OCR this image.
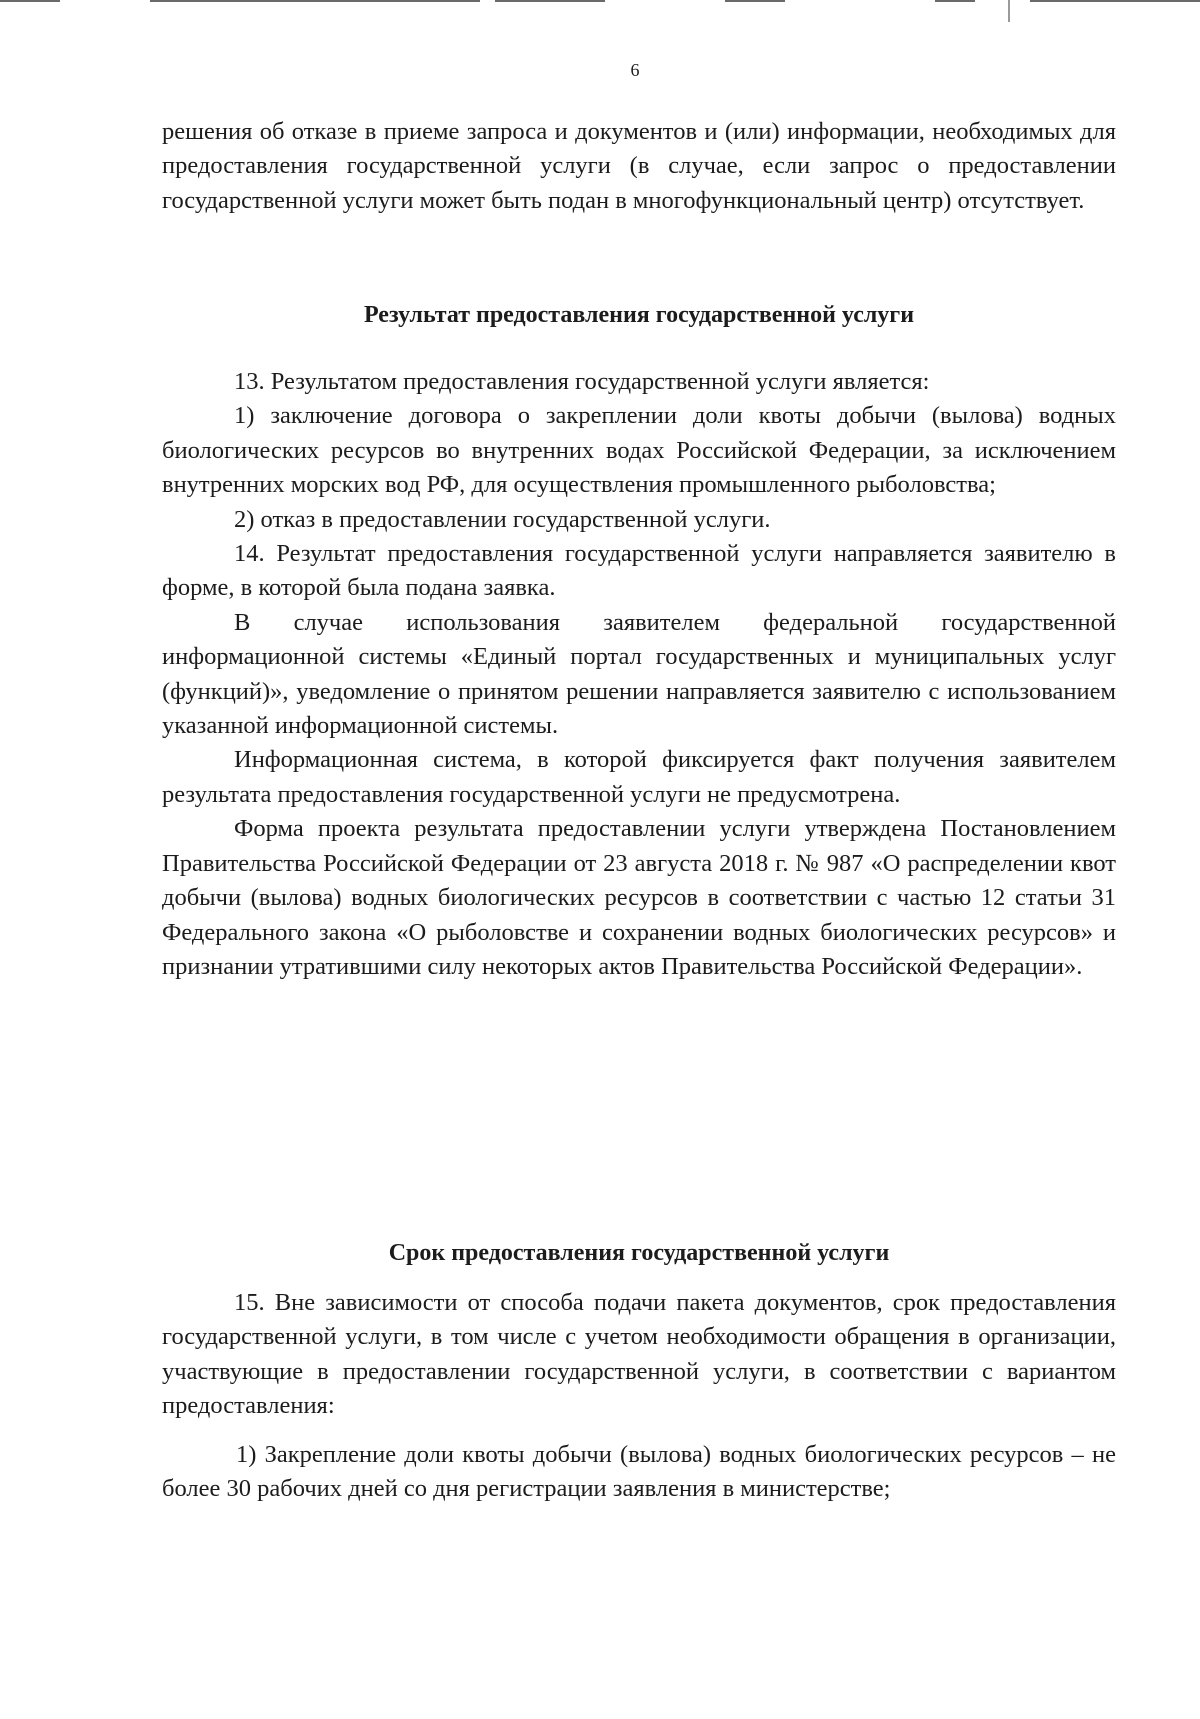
6

решения об отказе в приеме запроса и документов и (или) информации, необходимых для предоставления государственной услуги (в случае, если запрос о предоставлении государственной услуги может быть подан в многофункциональный центр) отсутствует.

Результат предоставления государственной услуги

13. Результатом предоставления государственной услуги является:

1) заключение договора о закреплении доли квоты добычи (вылова) водных биологических ресурсов во внутренних водах Российской Федерации, за исключением внутренних морских вод РФ, для осуществления промышленного рыболовства;

2) отказ в предоставлении государственной услуги.

14. Результат предоставления государственной услуги направляется заявителю в форме, в которой была подана заявка.

В случае использования заявителем федеральной государственной информационной системы «Единый портал государственных и муниципальных услуг (функций)», уведомление о принятом решении направляется заявителю с использованием указанной информационной системы.

Информационная система, в которой фиксируется факт получения заявителем результата предоставления государственной услуги не предусмотрена.

Форма проекта результата предоставлении услуги утверждена Постановлением Правительства Российской Федерации от 23 августа 2018 г. № 987 «О распределении квот добычи (вылова) водных биологических ресурсов в соответствии с частью 12 статьи 31 Федерального закона «О рыболовстве и сохранении водных биологических ресурсов» и признании утратившими силу некоторых актов Правительства Российской Федерации».

Срок предоставления государственной услуги

15. Вне зависимости от способа подачи пакета документов, срок предоставления государственной услуги, в том числе с учетом необходимости обращения в организации, участвующие в предоставлении государственной услуги, в соответствии с вариантом предоставления:

1) Закрепление доли квоты добычи (вылова) водных биологических ресурсов – не более 30 рабочих дней со дня регистрации заявления в министерстве;
